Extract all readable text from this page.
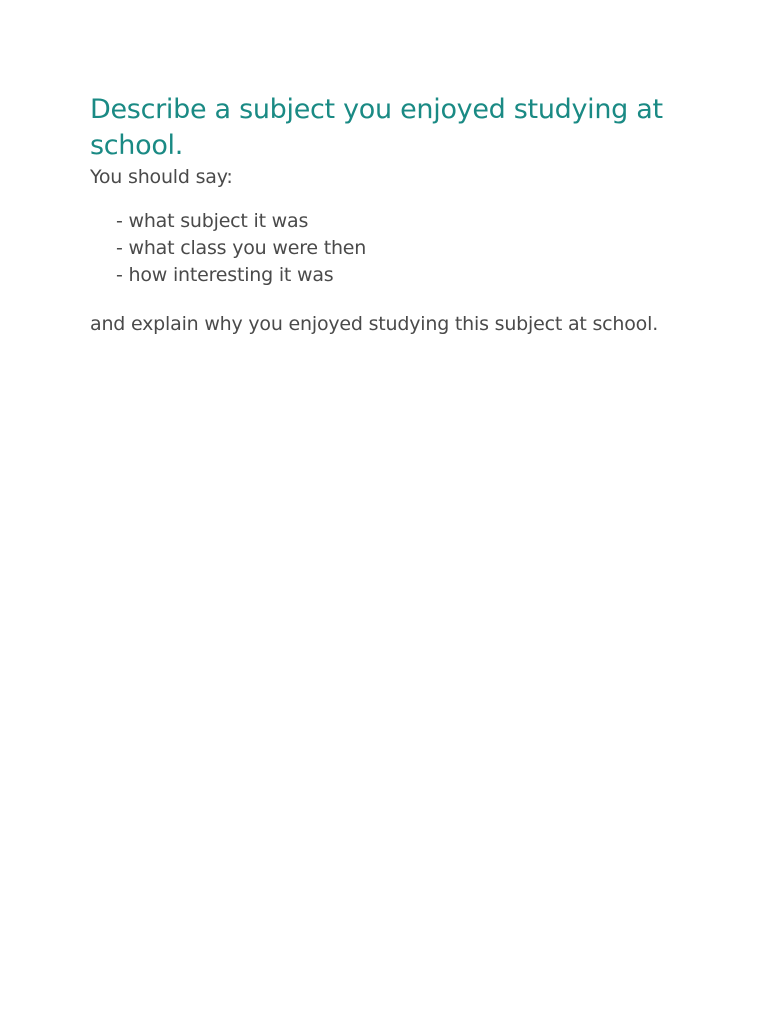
Describe a subject you enjoyed studying at school.

You should say:

- what subject it was
- what class you were then
- how interesting it was

and explain why you enjoyed studying this subject at school.
